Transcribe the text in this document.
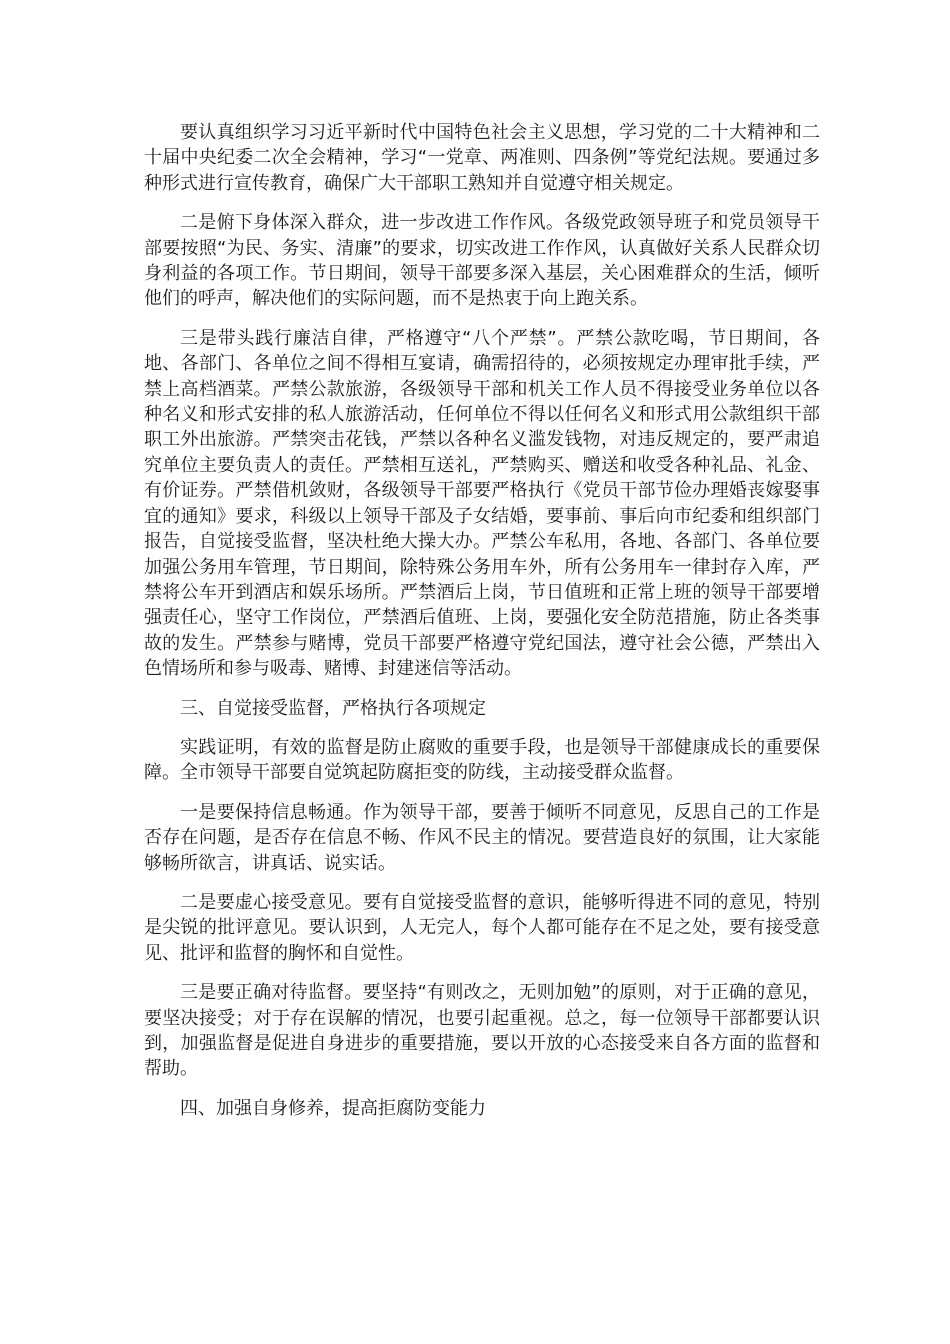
要认真组织学习习近平新时代中国特色社会主义思想，学习党的二十大精神和二十届中央纪委二次全会精神，学习“一党章、两准则、四条例”等党纪法规。要通过多种形式进行宣传教育，确保广大干部职工熟知并自觉遵守相关规定。

二是俯下身体深入群众，进一步改进工作作风。各级党政领导班子和党员领导干部要按照“为民、务实、清廉”的要求，切实改进工作作风，认真做好关系人民群众切身利益的各项工作。节日期间，领导干部要多深入基层，关心困难群众的生活，倾听他们的呼声，解决他们的实际问题，而不是热衷于向上跑关系。

三是带头践行廉洁自律，严格遵守“八个严禁”。严禁公款吃喝，节日期间，各地、各部门、各单位之间不得相互宴请，确需招待的，必须按规定办理审批手续，严禁上高档酒菜。严禁公款旅游，各级领导干部和机关工作人员不得接受业务单位以各种名义和形式安排的私人旅游活动，任何单位不得以任何名义和形式用公款组织干部职工外出旅游。严禁突击花钱，严禁以各种名义滥发钱物，对违反规定的，要严肃追究单位主要负责人的责任。严禁相互送礼，严禁购买、赠送和收受各种礼品、礼金、有价证券。严禁借机敛财，各级领导干部要严格执行《党员干部节俭办理婚丧嫁娶事宜的通知》要求，科级以上领导干部及子女结婚，要事前、事后向市纪委和组织部门报告，自觉接受监督，坚决杜绝大操大办。严禁公车私用，各地、各部门、各单位要加强公务用车管理，节日期间，除特殊公务用车外，所有公务用车一律封存入库，严禁将公车开到酒店和娱乐场所。严禁酒后上岗，节日值班和正常上班的领导干部要增强责任心，坚守工作岗位，严禁酒后值班、上岗，要强化安全防范措施，防止各类事故的发生。严禁参与赌博，党员干部要严格遵守党纪国法，遵守社会公德，严禁出入色情场所和参与吸毒、赌博、封建迷信等活动。

三、自觉接受监督，严格执行各项规定

实践证明，有效的监督是防止腐败的重要手段，也是领导干部健康成长的重要保障。全市领导干部要自觉筑起防腐拒变的防线，主动接受群众监督。

一是要保持信息畅通。作为领导干部，要善于倾听不同意见，反思自己的工作是否存在问题，是否存在信息不畅、作风不民主的情况。要营造良好的氛围，让大家能够畅所欲言，讲真话、说实话。

二是要虚心接受意见。要有自觉接受监督的意识，能够听得进不同的意见，特别是尖锐的批评意见。要认识到，人无完人，每个人都可能存在不足之处，要有接受意见、批评和监督的胸怀和自觉性。

三是要正确对待监督。要坚持“有则改之，无则加勉”的原则，对于正确的意见，要坚决接受；对于存在误解的情况，也要引起重视。总之，每一位领导干部都要认识到，加强监督是促进自身进步的重要措施，要以开放的心态接受来自各方面的监督和帮助。

四、加强自身修养，提高拒腐防变能力
